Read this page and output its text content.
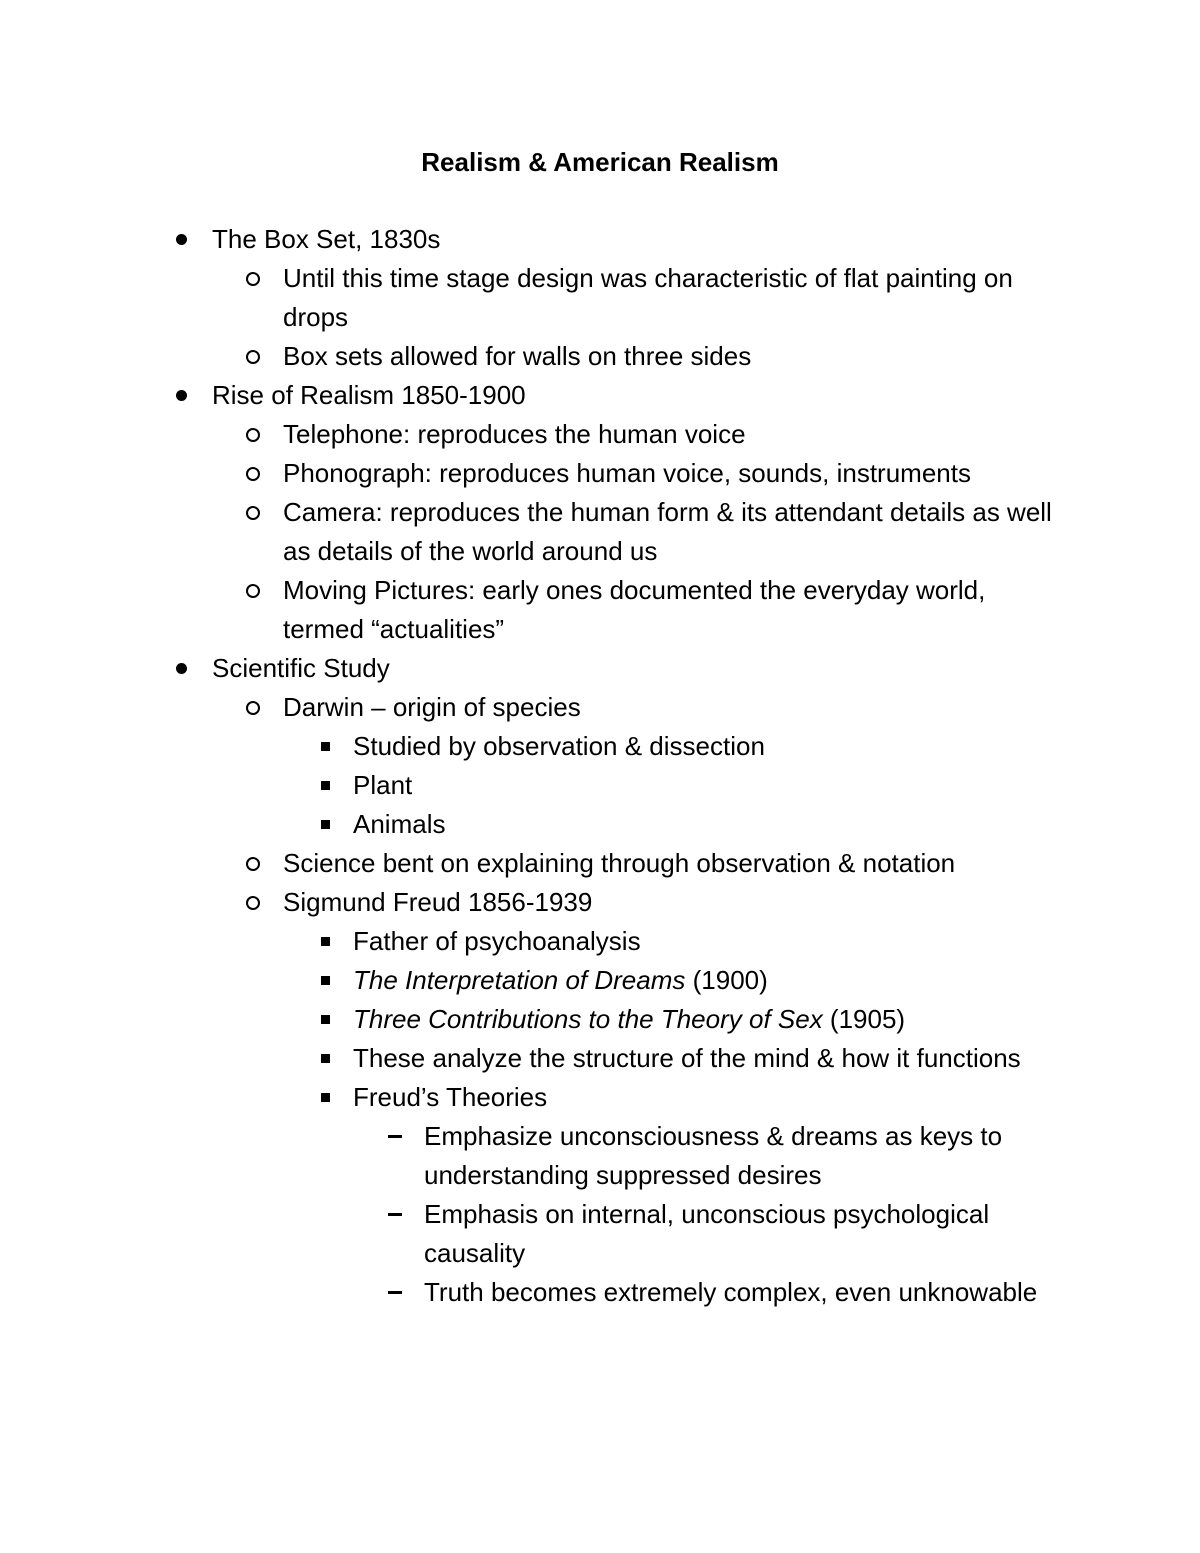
Realism & American Realism
The Box Set, 1830s
Until this time stage design was characteristic of flat painting on drops
Box sets allowed for walls on three sides
Rise of Realism 1850-1900
Telephone: reproduces the human voice
Phonograph: reproduces human voice, sounds, instruments
Camera: reproduces the human form & its attendant details as well as details of the world around us
Moving Pictures: early ones documented the everyday world, termed “actualities”
Scientific Study
Darwin – origin of species
Studied by observation & dissection
Plant
Animals
Science bent on explaining through observation & notation
Sigmund Freud 1856-1939
Father of psychoanalysis
The Interpretation of Dreams (1900)
Three Contributions to the Theory of Sex (1905)
These analyze the structure of the mind & how it functions
Freud’s Theories
Emphasize unconsciousness & dreams as keys to understanding suppressed desires
Emphasis on internal, unconscious psychological causality
Truth becomes extremely complex, even unknowable
